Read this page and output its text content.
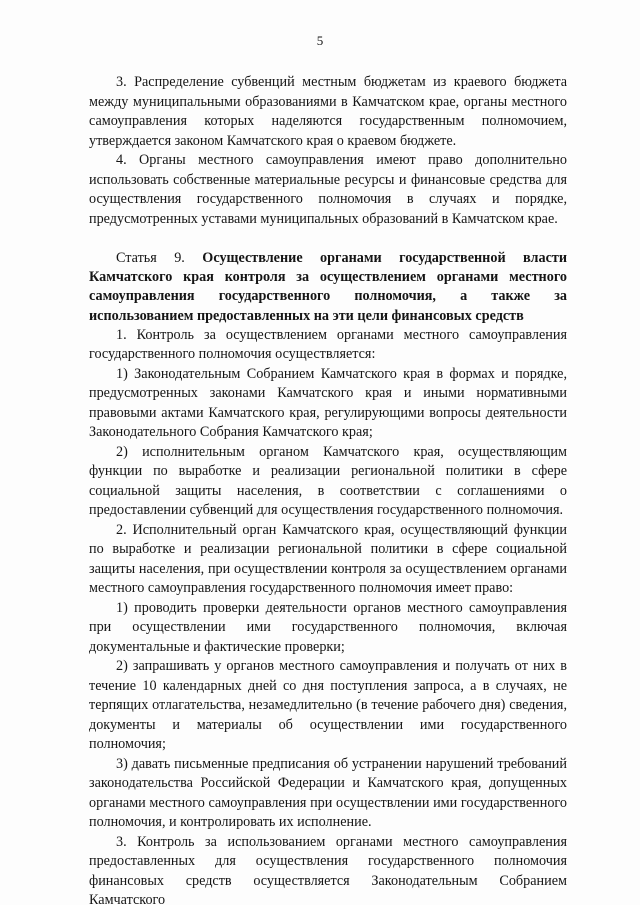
5

3. Распределение субвенций местным бюджетам из краевого бюджета между муниципальными образованиями в Камчатском крае, органы местного самоуправления которых наделяются государственным полномочием, утверждается законом Камчатского края о краевом бюджете.

4. Органы местного самоуправления имеют право дополнительно использовать собственные материальные ресурсы и финансовые средства для осуществления государственного полномочия в случаях и порядке, предусмотренных уставами муниципальных образований в Камчатском крае.

Статья 9. Осуществление органами государственной власти Камчатского края контроля за осуществлением органами местного самоуправления государственного полномочия, а также за использованием предоставленных на эти цели финансовых средств

1. Контроль за осуществлением органами местного самоуправления государственного полномочия осуществляется:

1) Законодательным Собранием Камчатского края в формах и порядке, предусмотренных законами Камчатского края и иными нормативными правовыми актами Камчатского края, регулирующими вопросы деятельности Законодательного Собрания Камчатского края;

2) исполнительным органом Камчатского края, осуществляющим функции по выработке и реализации региональной политики в сфере социальной защиты населения, в соответствии с соглашениями о предоставлении субвенций для осуществления государственного полномочия.

2. Исполнительный орган Камчатского края, осуществляющий функции по выработке и реализации региональной политики в сфере социальной защиты населения, при осуществлении контроля за осуществлением органами местного самоуправления государственного полномочия имеет право:

1) проводить проверки деятельности органов местного самоуправления при осуществлении ими государственного полномочия, включая документальные и фактические проверки;

2) запрашивать у органов местного самоуправления и получать от них в течение 10 календарных дней со дня поступления запроса, а в случаях, не терпящих отлагательства, незамедлительно (в течение рабочего дня) сведения, документы и материалы об осуществлении ими государственного полномочия;

3) давать письменные предписания об устранении нарушений требований законодательства Российской Федерации и Камчатского края, допущенных органами местного самоуправления при осуществлении ими государственного полномочия, и контролировать их исполнение.

3. Контроль за использованием органами местного самоуправления предоставленных для осуществления государственного полномочия финансовых средств осуществляется Законодательным Собранием Камчатского
